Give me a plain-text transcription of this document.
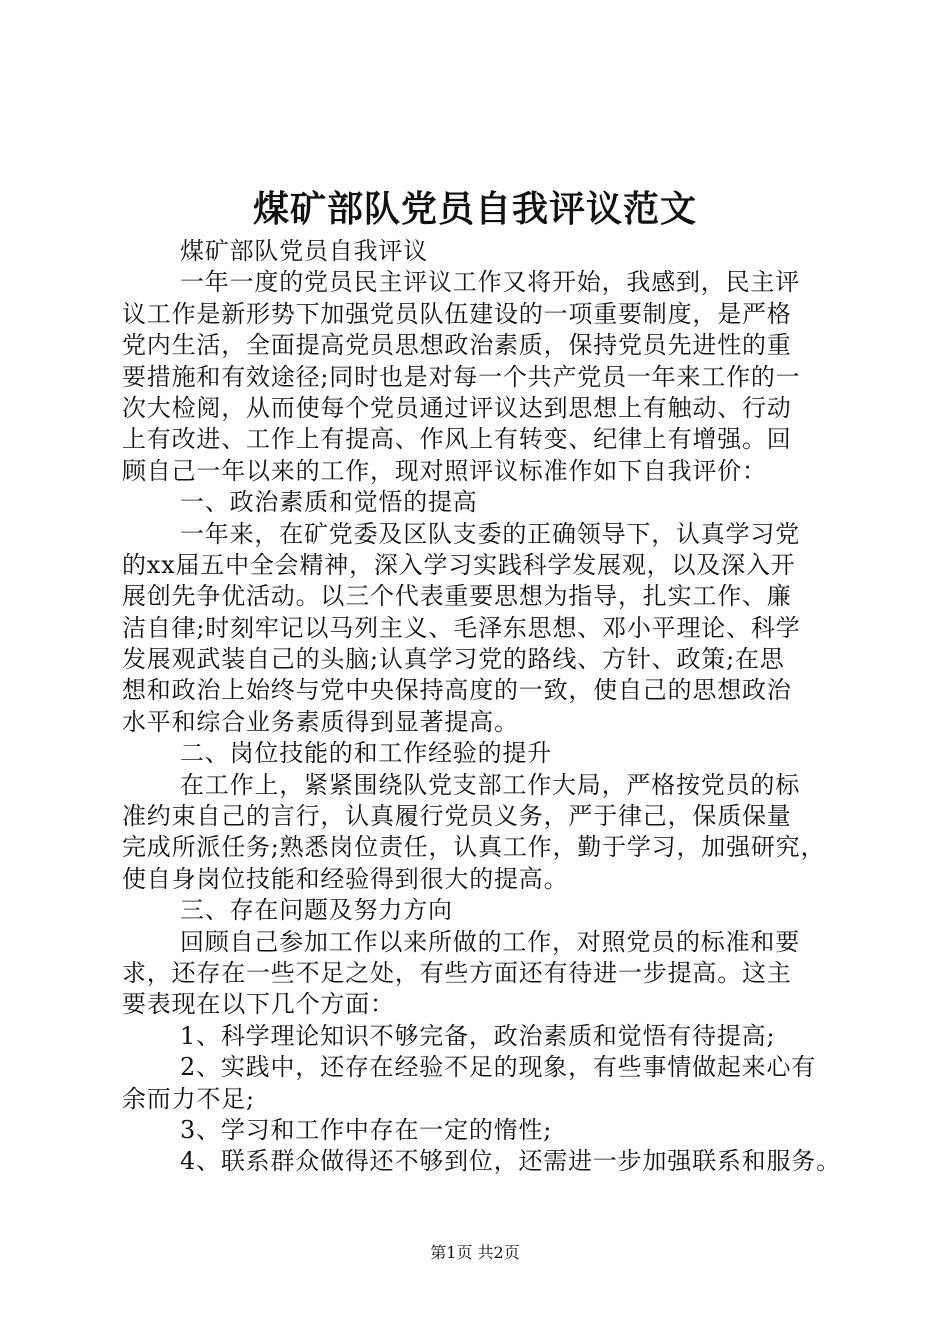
煤矿部队党员自我评议范文
煤矿部队党员自我评议
一年一度的党员民主评议工作又将开始，我感到，民主评
议工作是新形势下加强党员队伍建设的一项重要制度，是严格
党内生活，全面提高党员思想政治素质，保持党员先进性的重
要措施和有效途径;同时也是对每一个共产党员一年来工作的一
次大检阅，从而使每个党员通过评议达到思想上有触动、行动
上有改进、工作上有提高、作风上有转变、纪律上有增强。回
顾自己一年以来的工作，现对照评议标准作如下自我评价：
一、政治素质和觉悟的提高
一年来，在矿党委及区队支委的正确领导下，认真学习党
的xx届五中全会精神，深入学习实践科学发展观，以及深入开
展创先争优活动。以三个代表重要思想为指导，扎实工作、廉
洁自律;时刻牢记以马列主义、毛泽东思想、邓小平理论、科学
发展观武装自己的头脑;认真学习党的路线、方针、政策;在思
想和政治上始终与党中央保持高度的一致，使自己的思想政治
水平和综合业务素质得到显著提高。
二、岗位技能的和工作经验的提升
在工作上，紧紧围绕队党支部工作大局，严格按党员的标
准约束自己的言行，认真履行党员义务，严于律己，保质保量
完成所派任务;熟悉岗位责任，认真工作，勤于学习，加强研究，
使自身岗位技能和经验得到很大的提高。
三、存在问题及努力方向
回顾自己参加工作以来所做的工作，对照党员的标准和要
求，还存在一些不足之处，有些方面还有待进一步提高。这主
要表现在以下几个方面：
1、科学理论知识不够完备，政治素质和觉悟有待提高;
2、实践中，还存在经验不足的现象，有些事情做起来心有
余而力不足;
3、学习和工作中存在一定的惰性;
4、联系群众做得还不够到位，还需进一步加强联系和服务。
第1页 共2页
